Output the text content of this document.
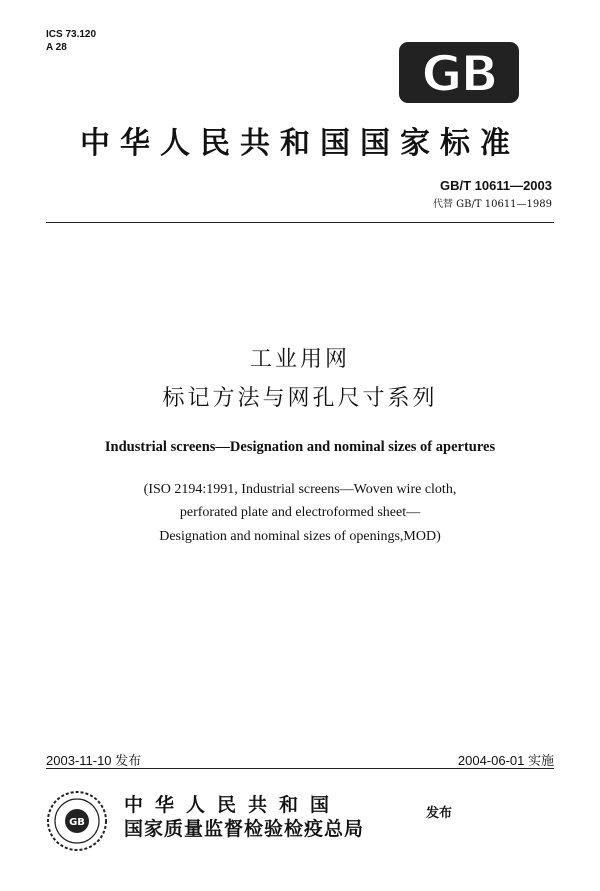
ICS 73.120
A 28	GB
中华人民共和国国家标准
GB/T 10611—2003
代替 GB/T 10611—1989
工业用网
标记方法与网孔尺寸系列
Industrial screens—Designation and nominal sizes of apertures
(ISO 2194:1991, Industrial screens—Woven wire cloth,
perforated plate and electroformed sheet—
Designation and nominal sizes of openings,MOD)
2003-11-10 发布	2004-06-01 实施
GB
中华人民共和国
国家质量监督检验检疫总局
发布
